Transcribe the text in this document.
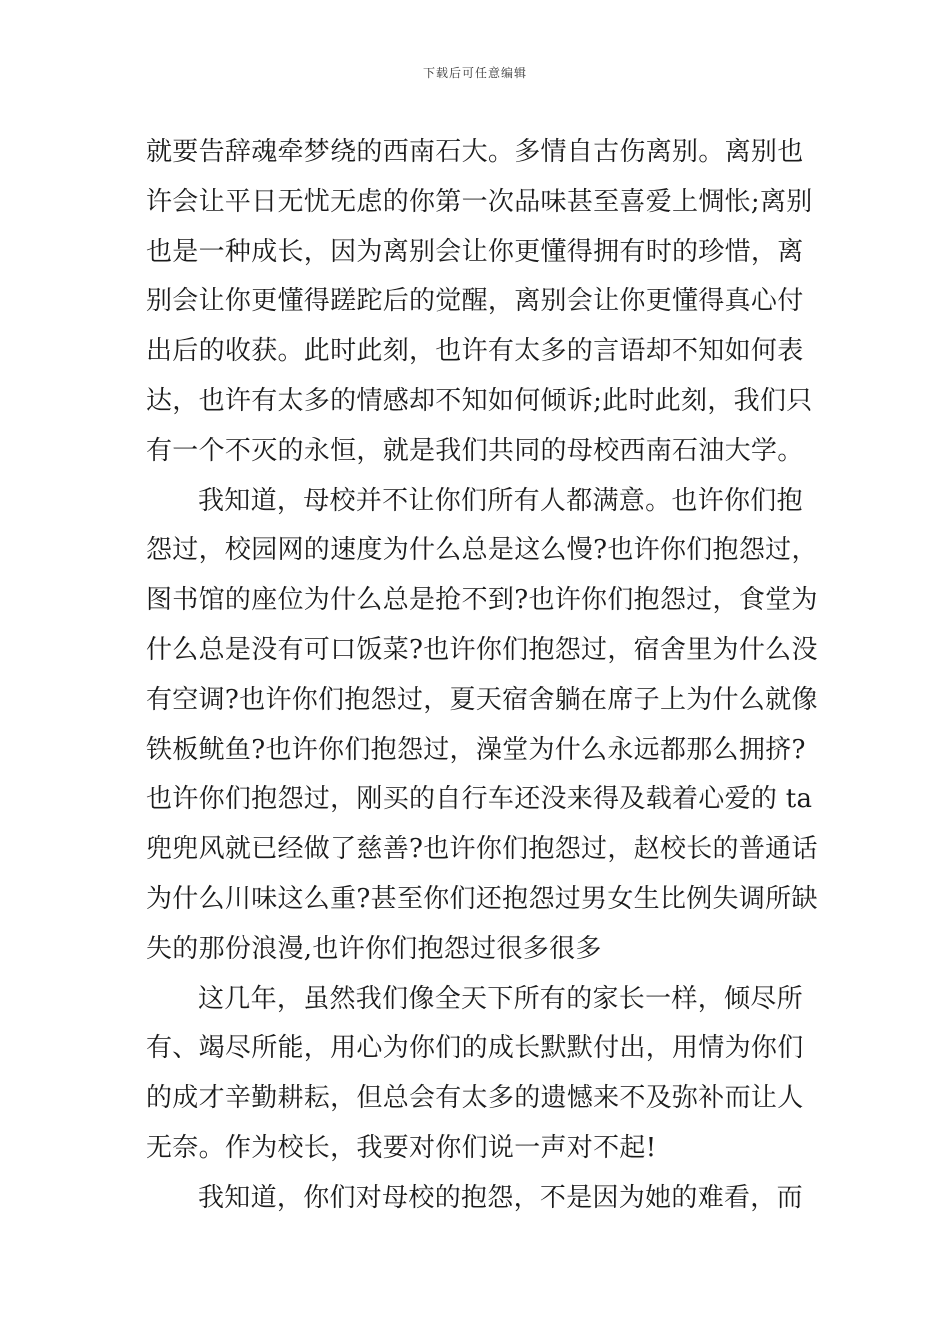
下载后可任意编辑
就要告辞魂牵梦绕的西南石大。多情自古伤离别。离别也
许会让平日无忧无虑的你第一次品味甚至喜爱上惆怅;离别
也是一种成长，因为离别会让你更懂得拥有时的珍惜，离
别会让你更懂得蹉跎后的觉醒，离别会让你更懂得真心付
出后的收获。此时此刻，也许有太多的言语却不知如何表
达，也许有太多的情感却不知如何倾诉;此时此刻，我们只
有一个不灭的永恒，就是我们共同的母校西南石油大学。
我知道，母校并不让你们所有人都满意。也许你们抱
怨过，校园网的速度为什么总是这么慢?也许你们抱怨过，
图书馆的座位为什么总是抢不到?也许你们抱怨过，食堂为
什么总是没有可口饭菜?也许你们抱怨过，宿舍里为什么没
有空调?也许你们抱怨过，夏天宿舍躺在席子上为什么就像
铁板鱿鱼?也许你们抱怨过，澡堂为什么永远都那么拥挤?
也许你们抱怨过，刚买的自行车还没来得及载着心爱的 ta
兜兜风就已经做了慈善?也许你们抱怨过，赵校长的普通话
为什么川味这么重?甚至你们还抱怨过男女生比例失调所缺
失的那份浪漫,也许你们抱怨过很多很多
这几年，虽然我们像全天下所有的家长一样，倾尽所
有、竭尽所能，用心为你们的成长默默付出，用情为你们
的成才辛勤耕耘，但总会有太多的遗憾来不及弥补而让人
无奈。作为校长，我要对你们说一声对不起!
我知道，你们对母校的抱怨，不是因为她的难看，而
